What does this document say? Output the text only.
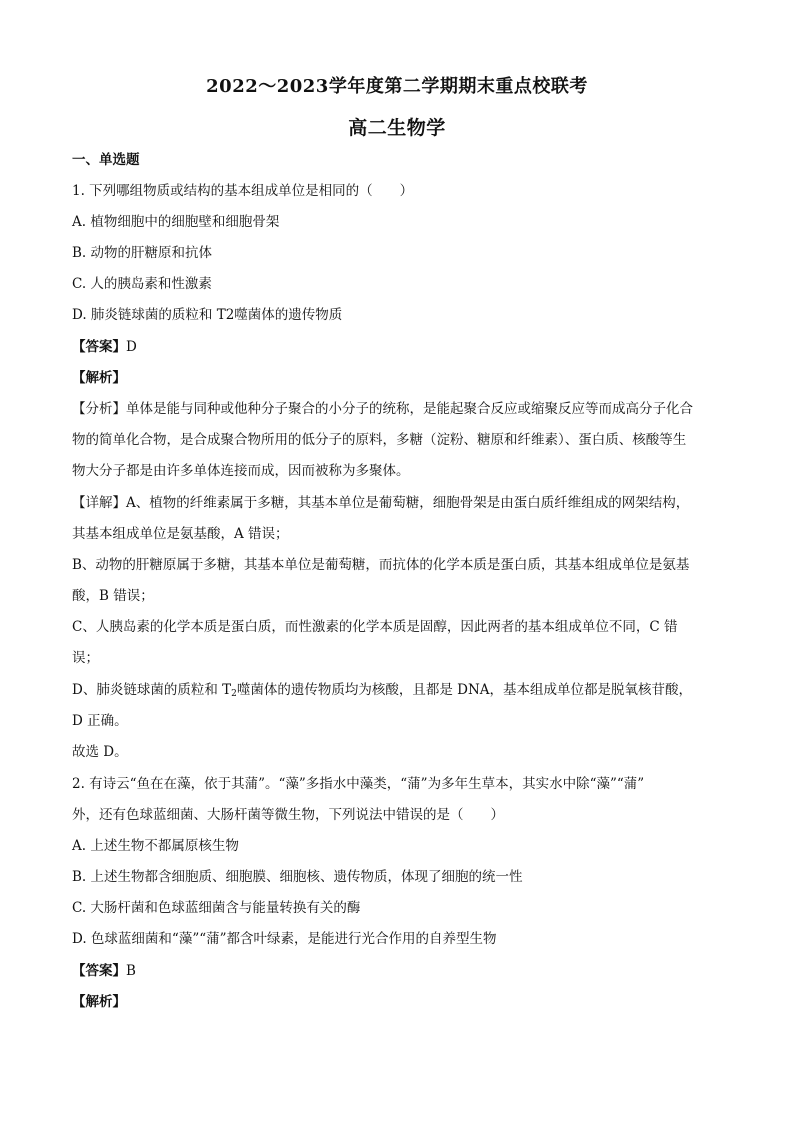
2022～2023学年度第二学期期末重点校联考
高二生物学
一、单选题
1. 下列哪组物质或结构的基本组成单位是相同的（　　）
A. 植物细胞中的细胞壁和细胞骨架
B. 动物的肝糖原和抗体
C. 人的胰岛素和性激素
D. 肺炎链球菌的质粒和 T2噬菌体的遗传物质
【答案】D
【解析】
【分析】单体是能与同种或他种分子聚合的小分子的统称，是能起聚合反应或缩聚反应等而成高分子化合
物的简单化合物，是合成聚合物所用的低分子的原料，多糖（淀粉、糖原和纤维素）、蛋白质、核酸等生
物大分子都是由许多单体连接而成，因而被称为多聚体。
【详解】A、植物的纤维素属于多糖，其基本单位是葡萄糖，细胞骨架是由蛋白质纤维组成的网架结构，
其基本组成单位是氨基酸，A 错误；
B、动物的肝糖原属于多糖，其基本单位是葡萄糖，而抗体的化学本质是蛋白质，其基本组成单位是氨基
酸，B 错误；
C、人胰岛素的化学本质是蛋白质，而性激素的化学本质是固醇，因此两者的基本组成单位不同，C 错
误；
D、肺炎链球菌的质粒和 $T_2$噬菌体的遗传物质均为核酸，且都是 DNA，基本组成单位都是脱氧核苷酸，
D 正确。
故选 D。
2. 有诗云“鱼在在藻，依于其蒲”。“藻”多指水中藻类，“蒲”为多年生草本，其实水中除“藻”“蒲”
外，还有色球蓝细菌、大肠杆菌等微生物，下列说法中错误的是（　　）
A. 上述生物不都属原核生物
B. 上述生物都含细胞质、细胞膜、细胞核、遗传物质，体现了细胞的统一性
C. 大肠杆菌和色球蓝细菌含与能量转换有关的酶
D. 色球蓝细菌和“藻”“蒲”都含叶绿素，是能进行光合作用的自养型生物
【答案】B
【解析】
